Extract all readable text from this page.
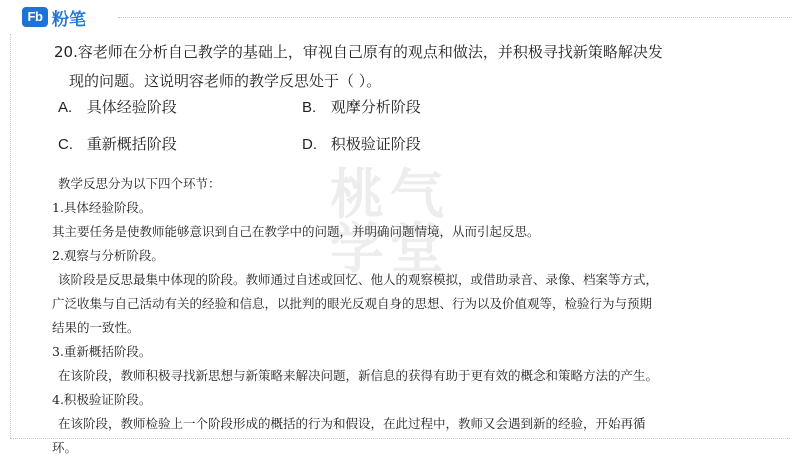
Fb 粉笔
桃气
学堂
20.容老师在分析自己教学的基础上，审视自己原有的观点和做法，并积极寻找新策略解决发
现的问题。这说明容老师的教学反思处于（ ）。
A. 具体经验阶段	B. 观摩分析阶段
C. 重新概括阶段	D. 积极验证阶段
教学反思分为以下四个环节：
1.具体经验阶段。
其主要任务是使教师能够意识到自己在教学中的问题，并明确问题情境，从而引起反思。
2.观察与分析阶段。
该阶段是反思最集中体现的阶段。教师通过自述或回忆、他人的观察模拟，或借助录音、录像、档案等方式，
广泛收集与自己活动有关的经验和信息，以批判的眼光反观自身的思想、行为以及价值观等，检验行为与预期
结果的一致性。
3.重新概括阶段。
在该阶段，教师积极寻找新思想与新策略来解决问题，新信息的获得有助于更有效的概念和策略方法的产生。
4.积极验证阶段。
在该阶段，教师检验上一个阶段形成的概括的行为和假设，在此过程中，教师又会遇到新的经验，开始再循
环。
